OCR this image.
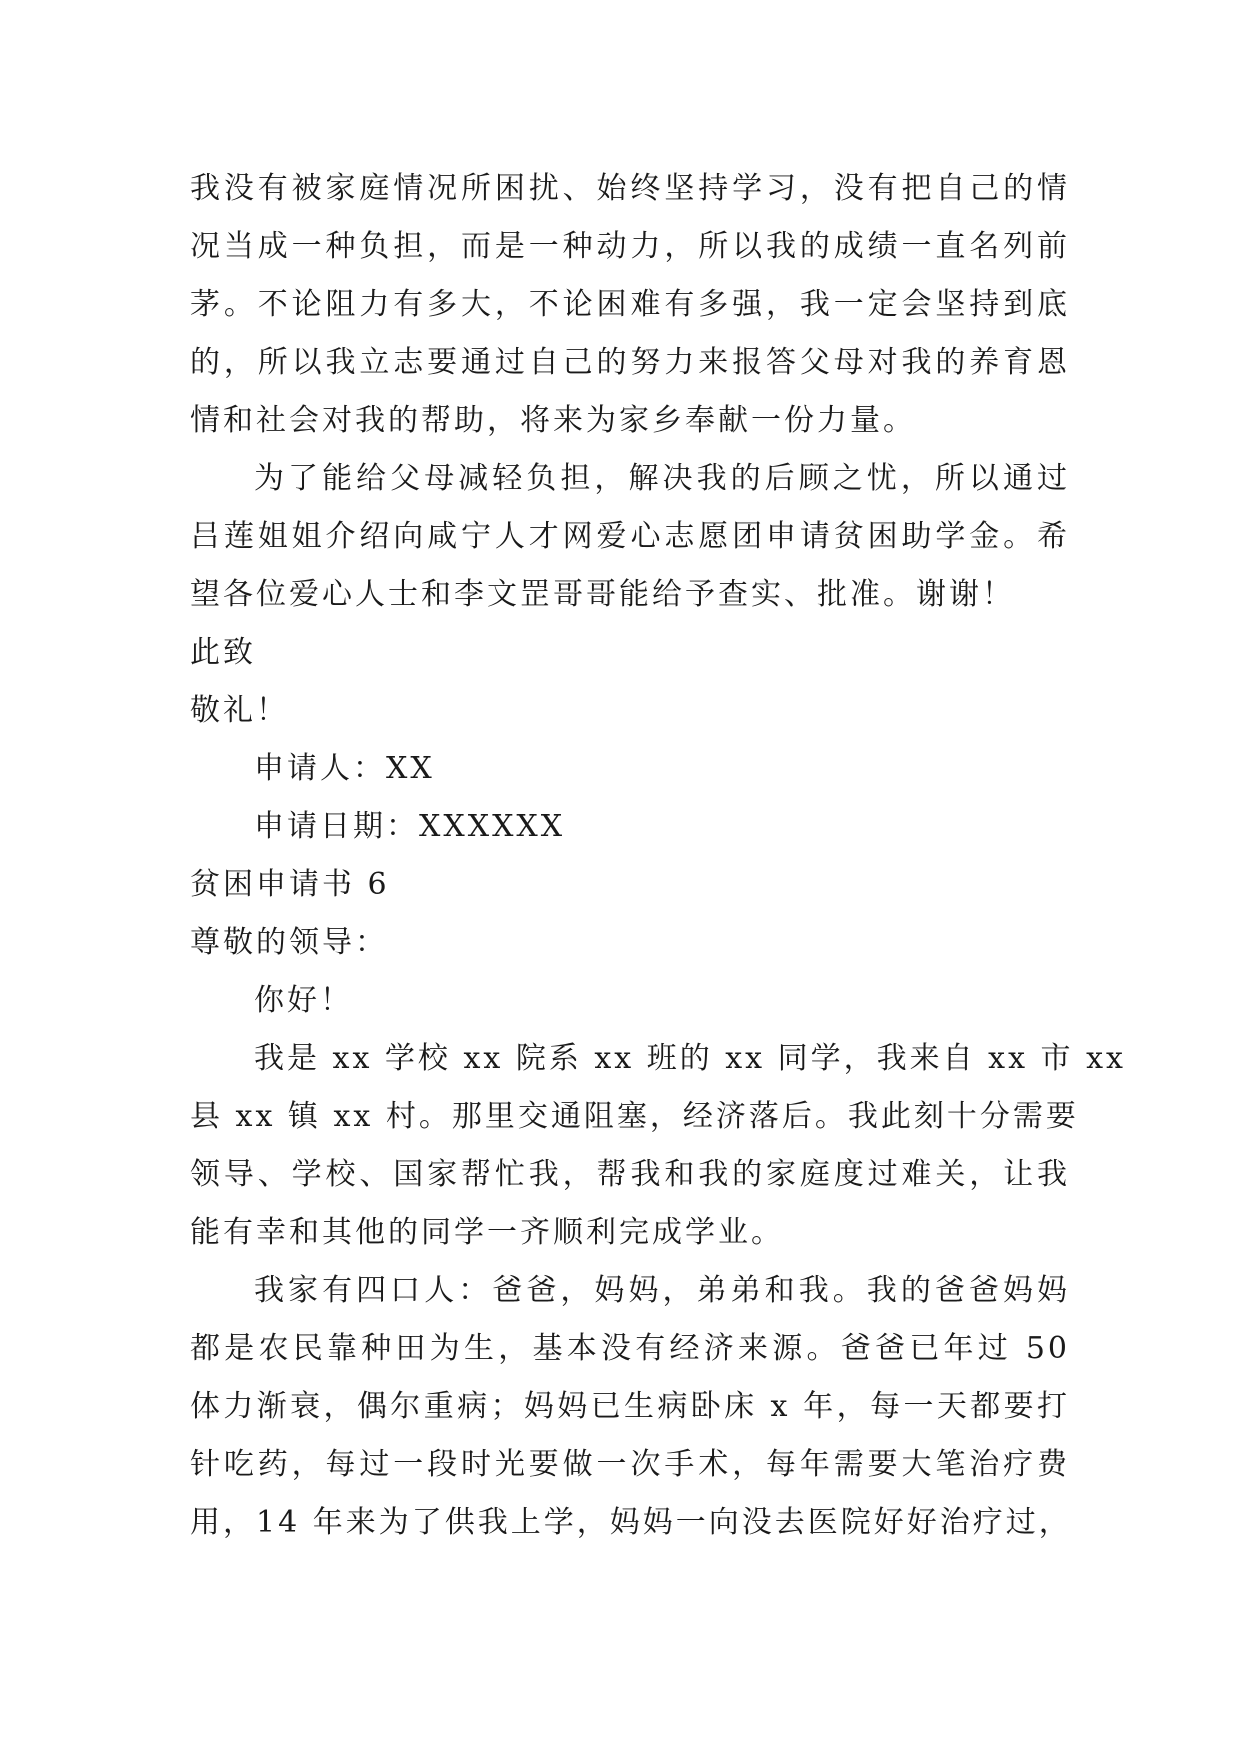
我没有被家庭情况所困扰、始终坚持学习，没有把自己的情
况当成一种负担，而是一种动力，所以我的成绩一直名列前
茅。不论阻力有多大，不论困难有多强，我一定会坚持到底
的，所以我立志要通过自己的努力来报答父母对我的养育恩
情和社会对我的帮助，将来为家乡奉献一份力量。
为了能给父母减轻负担，解决我的后顾之忧，所以通过
吕莲姐姐介绍向咸宁人才网爱心志愿团申请贫困助学金。希
望各位爱心人士和李文罡哥哥能给予查实、批准。谢谢！
此致
敬礼！
申请人：XX
申请日期：XXXXXX
贫困申请书 6
尊敬的领导：
你好！
我是 xx 学校 xx 院系 xx 班的 xx 同学，我来自 xx 市 xx
县 xx 镇 xx 村。那里交通阻塞，经济落后。我此刻十分需要
领导、学校、国家帮忙我，帮我和我的家庭度过难关，让我
能有幸和其他的同学一齐顺利完成学业。
我家有四口人：爸爸，妈妈，弟弟和我。我的爸爸妈妈
都是农民靠种田为生，基本没有经济来源。爸爸已年过 50
体力渐衰，偶尔重病；妈妈已生病卧床 x 年，每一天都要打
针吃药，每过一段时光要做一次手术，每年需要大笔治疗费
用，14 年来为了供我上学，妈妈一向没去医院好好治疗过，
